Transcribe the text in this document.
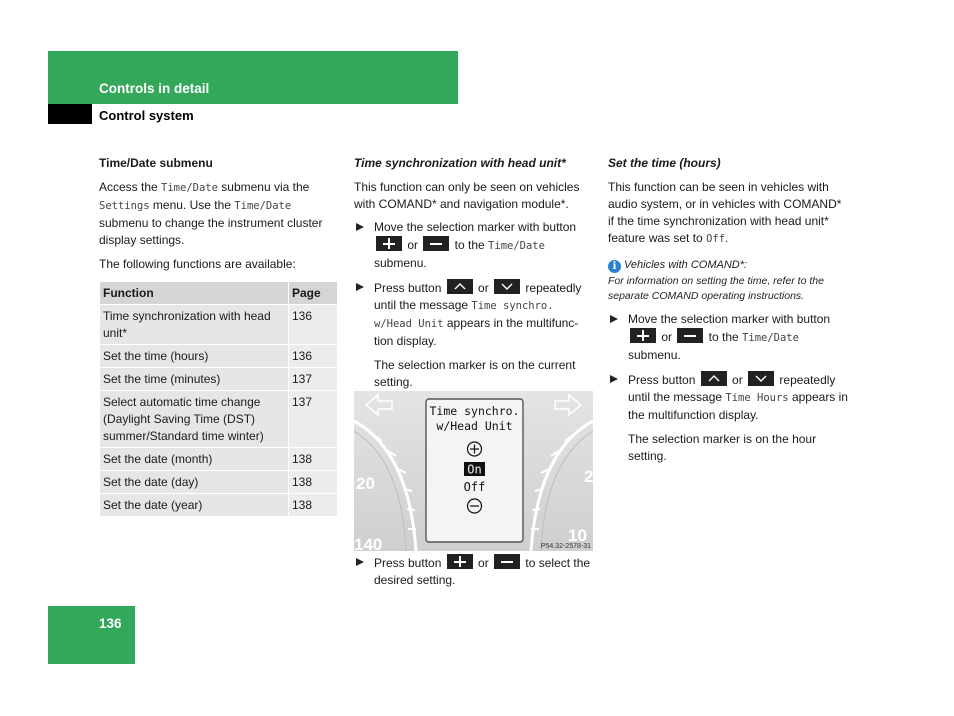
Controls in detail
Control system

Time/Date submenu

Access the Time/Date submenu via the Settings menu. Use the Time/Date submenu to change the instrument cluster display settings.

The following functions are available:

Function	Page
Time synchronization with head unit*	136
Set the time (hours)	136
Set the time (minutes)	137
Select automatic time change (Daylight Saving Time (DST) summer/Standard time winter)	137
Set the date (month)	138
Set the date (day)	138
Set the date (year)	138

Time synchronization with head unit*

This function can only be seen on vehicles with COMAND* and navigation module*.

Move the selection marker with button  or	to the Time/Date submenu.
Press button	or	repeatedly until the message Time synchro. w/Head Unit appears in the multifunc-tion display.

The selection marker is on the current setting.

20
140
2
10
Time synchro.
w/Head Unit
On
Off
P54.32-2578-31
Press button	or	to select the desired setting.

Set the time (hours)

This function can be seen in vehicles with audio system, or in vehicles with COMAND* if the time synchronization with head unit* feature was set to Off.

i Vehicles with COMAND*:
For information on setting the time, refer to the separate COMAND operating instructions.
Move the selection marker with button  or	to the Time/Date submenu.
Press button	or	repeatedly until the message Time Hours appears in the multifunction display.

The selection marker is on the hour setting.

136
